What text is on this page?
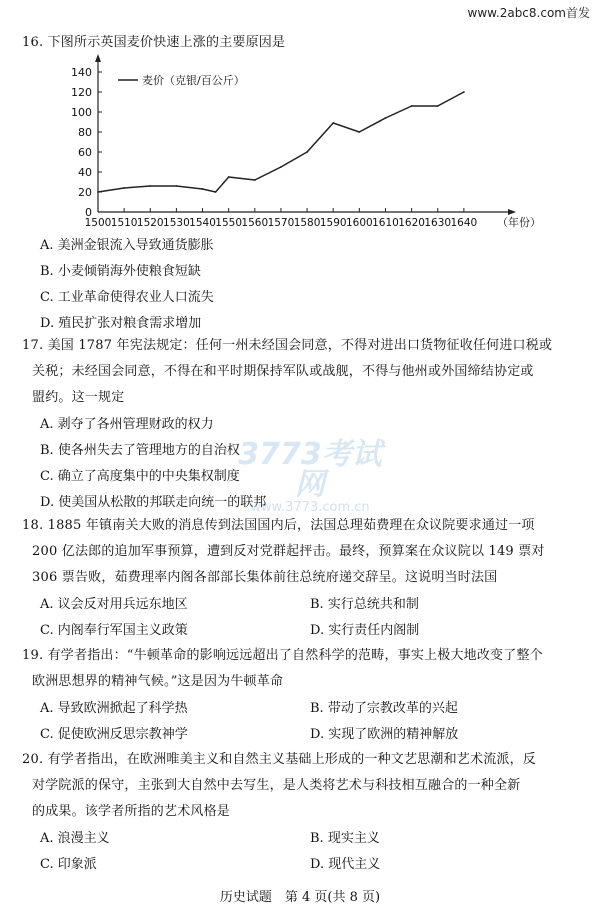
www.2abc8.com首发
16. 下图所示英国麦价快速上涨的主要原因是
0
20
40
60
80
100
120
140
1500 1510 1520 1530 1540 1550 1560 1570 1580 1590 1600 1610 1620 1630 1640 （年份）
麦价（克银/百公斤）
A. 美洲金银流入导致通货膨胀
B. 小麦倾销海外使粮食短缺
C. 工业革命使得农业人口流失
D. 殖民扩张对粮食需求增加
17. 美国 1787 年宪法规定：任何一州未经国会同意，不得对进出口货物征收任何进口税或
关税；未经国会同意，不得在和平时期保持军队或战舰，不得与他州或外国缔结协定或
盟约。这一规定
A. 剥夺了各州管理财政的权力
B. 使各州失去了管理地方的自治权
C. 确立了高度集中的中央集权制度
D. 使美国从松散的邦联走向统一的联邦
3773考试网
www.3773.com.cn
18. 1885 年镇南关大败的消息传到法国国内后，法国总理茹费理在众议院要求通过一项
200 亿法郎的追加军事预算，遭到反对党群起抨击。最终，预算案在众议院以 149 票对
306 票告败，茹费理率内阁各部部长集体前往总统府递交辞呈。这说明当时法国
A. 议会反对用兵远东地区	B. 实行总统共和制
C. 内阁奉行军国主义政策	D. 实行责任内阁制
19. 有学者指出：“牛顿革命的影响远远超出了自然科学的范畴，事实上极大地改变了整个
欧洲思想界的精神气候。”这是因为牛顿革命
A. 导致欧洲掀起了科学热	B. 带动了宗教改革的兴起
C. 促使欧洲反思宗教神学	D. 实现了欧洲的精神解放
20. 有学者指出，在欧洲唯美主义和自然主义基础上形成的一种文艺思潮和艺术流派，反
对学院派的保守，主张到大自然中去写生，是人类将艺术与科技相互融合的一种全新
的成果。该学者所指的艺术风格是
A. 浪漫主义	B. 现实主义
C. 印象派	D. 现代主义
历史试题　第 4 页(共 8 页)
